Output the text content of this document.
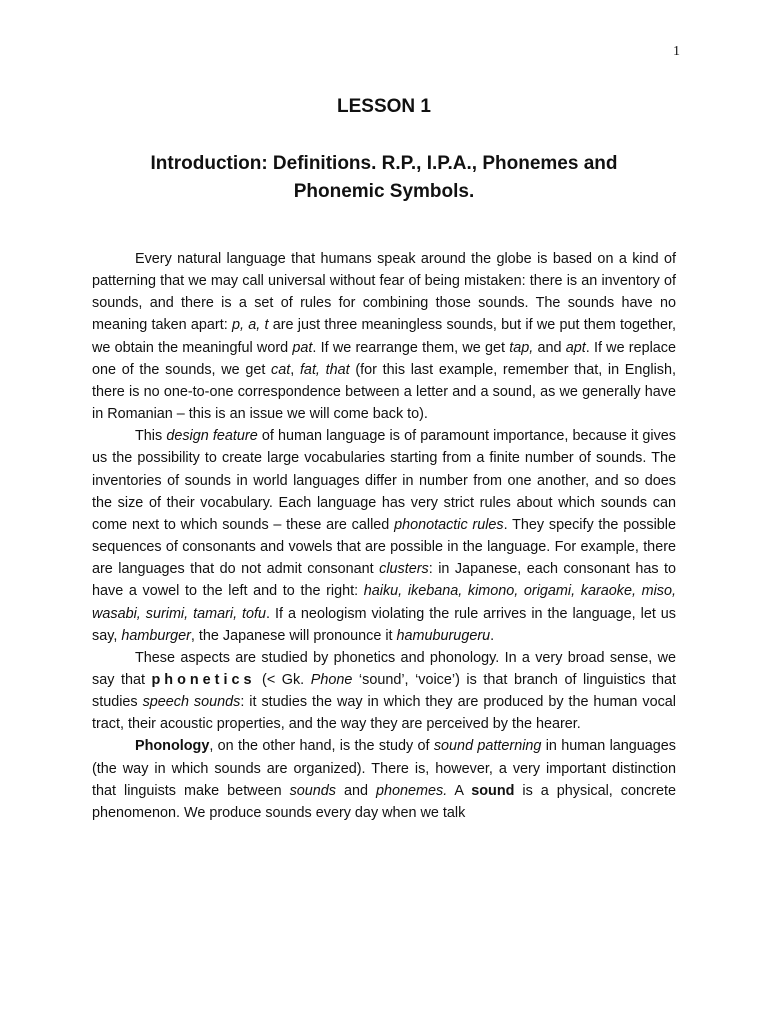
1
LESSON 1
Introduction: Definitions. R.P., I.P.A., Phonemes and Phonemic Symbols.

Every natural language that humans speak around the globe is based on a kind of patterning that we may call universal without fear of being mistaken: there is an inventory of sounds, and there is a set of rules for combining those sounds. The sounds have no meaning taken apart: p, a, t are just three meaningless sounds, but if we put them together, we obtain the meaningful word pat. If we rearrange them, we get tap, and apt. If we replace one of the sounds, we get cat, fat, that (for this last example, remember that, in English, there is no one-to-one correspondence between a letter and a sound, as we generally have in Romanian – this is an issue we will come back to).

This design feature of human language is of paramount importance, because it gives us the possibility to create large vocabularies starting from a finite number of sounds. The inventories of sounds in world languages differ in number from one another, and so does the size of their vocabulary. Each language has very strict rules about which sounds can come next to which sounds – these are called phonotactic rules. They specify the possible sequences of consonants and vowels that are possible in the language. For example, there are languages that do not admit consonant clusters: in Japanese, each consonant has to have a vowel to the left and to the right: haiku, ikebana, kimono, origami, karaoke, miso, wasabi, surimi, tamari, tofu. If a neologism violating the rule arrives in the language, let us say, hamburger, the Japanese will pronounce it hamuburugeru.

These aspects are studied by phonetics and phonology. In a very broad sense, we say that phonetics (< Gk. Phone ‘sound’, ‘voice’) is that branch of linguistics that studies speech sounds: it studies the way in which they are produced by the human vocal tract, their acoustic properties, and the way they are perceived by the hearer.

Phonology, on the other hand, is the study of sound patterning in human languages (the way in which sounds are organized). There is, however, a very important distinction that linguists make between sounds and phonemes. A sound is a physical, concrete phenomenon. We produce sounds every day when we talk
